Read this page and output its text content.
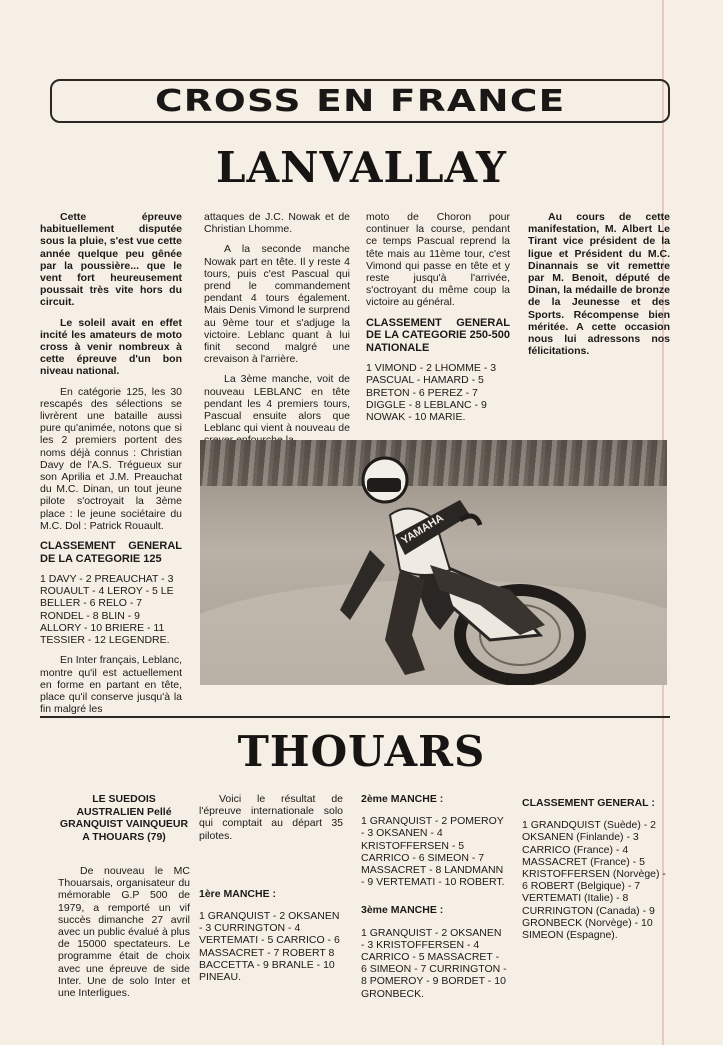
CROSS EN FRANCE
LANVALLAY

Cette épreuve habituellement disputée sous la pluie, s'est vue cette année quelque peu gênée par la poussière... que le vent fort heureusement poussait très vite hors du circuit.

Le soleil avait en effet incité les amateurs de moto cross à venir nombreux à cette épreuve d'un bon niveau national.

En catégorie 125, les 30 rescapés des sélections se livrèrent une bataille aussi pure qu'animée, notons que si les 2 premiers portent des noms déjà connus : Christian Davy de l'A.S. Trégueux sur son Aprilia et J.M. Preauchat du M.C. Dinan, un tout jeune pilote s'octroyait la 3ème place : le jeune sociétaire du M.C. Dol : Patrick Rouault.

CLASSEMENT GENERAL DE LA CATEGORIE 125

1 DAVY - 2 PREAUCHAT - 3 ROUAULT - 4 LEROY - 5 LE BELLER - 6 RELO - 7 RONDEL - 8 BLIN - 9 ALLORY - 10 BRIERE - 11 TESSIER - 12 LEGENDRE.

En Inter français, Leblanc, montre qu'il est actuellement en forme en partant en tête, place qu'il conserve jusqu'à la fin malgré les

attaques de J.C. Nowak et de Christian Lhomme.

A la seconde manche Nowak part en tête. Il y reste 4 tours, puis c'est Pascual qui prend le commandement pendant 4 tours également. Mais Denis Vimond le surprend au 9ème tour et s'adjuge la victoire. Leblanc quant à lui finit second malgré une crevaison à l'arrière.

La 3ème manche, voit de nouveau LEBLANC en tête pendant les 4 premiers tours, Pascual ensuite alors que Leblanc qui vient à nouveau de

moto de Choron pour continuer la course, pendant ce temps Pascual reprend la tête mais au 11ème tour, c'est Vimond qui passe en tête et y reste jusqu'à l'arrivée, s'octroyant du même coup la victoire au général.

CLASSEMENT GENERAL DE LA CATEGORIE 250-500 NATIONALE

1 VIMOND - 2 LHOMME - 3 PASCUAL - HAMARD - 5 BRETON - 6 PEREZ - 7 DIGGLE - 8 LEBLANC - 9 NOWAK - 10 MARIE.

Au cours de cette manifestation, M. Albert Le Tirant vice président de la ligue et Président du M.C. Dinannais se vit remettre par M. Benoit, député de Dinan, la médaille de bronze de la Jeunesse et des Sports. Récompense bien méritée. A cette occasion nous lui adressons nos félicitations.

YAMAHA
THOUARS
LE SUEDOIS AUSTRALIEN Pellé GRANQUIST VAINQUEUR A THOUARS (79)

De nouveau le MC Thouarsais, organisateur du mémorable G.P 500 de 1979, a remporté un vif succès dimanche 27 avril avec un public évalué à plus de 15000 spectateurs. Le programme était de choix avec une épreuve de side Inter. Une de solo Inter et une Interligues.

Voici le résultat de l'épreuve internationale solo qui comptait au départ 35 pilotes.

1ère MANCHE :

1 GRANQUIST - 2 OKSANEN - 3 CURRINGTON - 4 VERTEMATI - 5 CARRICO - 6 MASSACRET - 7 ROBERT 8 BACCETTA - 9 BRANLE - 10 PINEAU.

2ème MANCHE :

1 GRANQUIST - 2 POMEROY - 3 OKSANEN - 4 KRISTOFFERSEN - 5 CARRICO - 6 SIMEON - 7 MASSACRET - 8 LANDMANN - 9 VERTEMATI - 10 ROBERT.

3ème MANCHE :

1 GRANQUIST - 2 OKSANEN - 3 KRISTOFFERSEN - 4 CARRICO - 5 MASSACRET - 6 SIMEON - 7 CURRINGTON - 8 POMEROY - 9 BORDET - 10 GRONBECK.

CLASSEMENT GENERAL :

1 GRANDQUIST (Suède) - 2 OKSANEN (Finlande) - 3 CARRICO (France) - 4 MASSACRET (France) - 5 KRISTOFFERSEN (Norvège) - 6 ROBERT (Belgique) - 7 VERTEMATI (Italie) - 8 CURRINGTON (Canada) - 9 GRONBECK (Norvège) - 10 SIMEON (Espagne).
